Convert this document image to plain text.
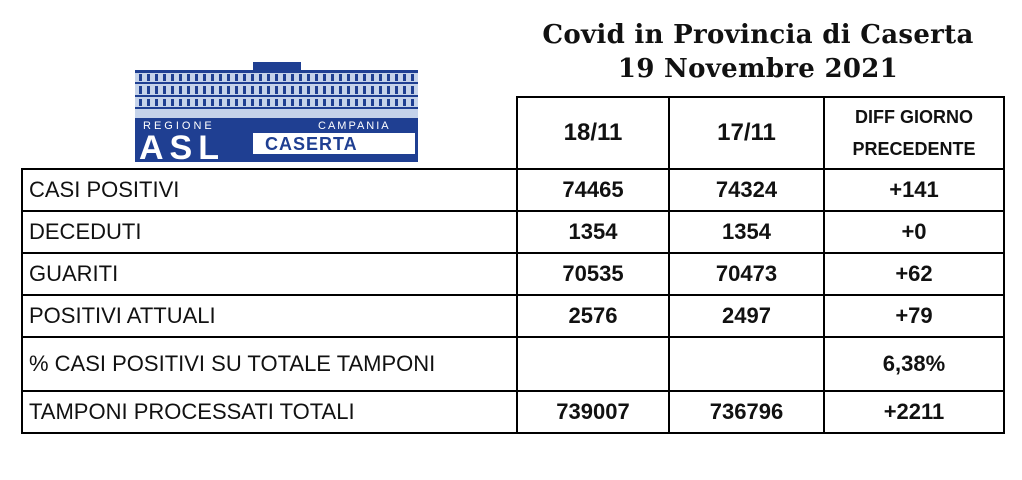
Covid in Provincia di Caserta
19 Novembre 2021
REGIONE	CAMPANIA
ASL CASERTA
		18/11	17/11	DIFF GIORNO
PRECEDENTE

CASI POSITIVI	74465	74324	+141
DECEDUTI	1354	1354	+0
GUARITI	70535	70473	+62
POSITIVI ATTUALI	2576	2497	+79
% CASI POSITIVI SU TOTALE TAMPONI			6,38%
TAMPONI PROCESSATI TOTALI	739007	736796	+2211
